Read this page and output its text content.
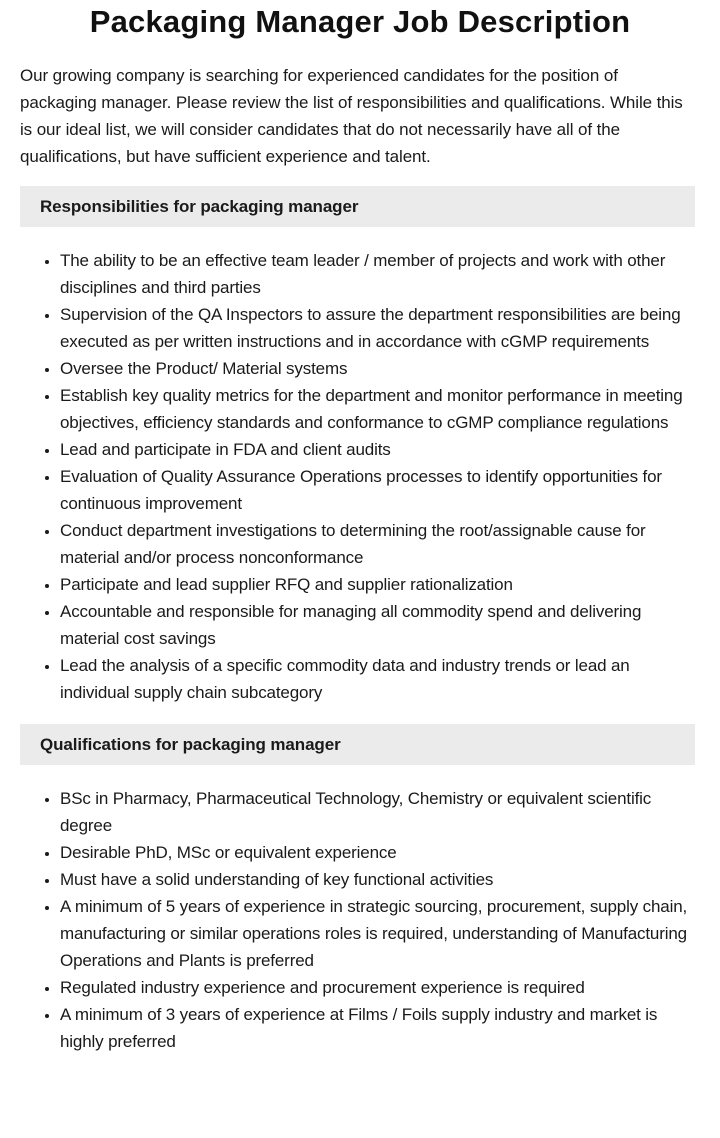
Packaging Manager Job Description

Our growing company is searching for experienced candidates for the position of packaging manager. Please review the list of responsibilities and qualifications. While this is our ideal list, we will consider candidates that do not necessarily have all of the qualifications, but have sufficient experience and talent.

Responsibilities for packaging manager
• The ability to be an effective team leader / member of projects and work with other disciplines and third parties
• Supervision of the QA Inspectors to assure the department responsibilities are being executed as per written instructions and in accordance with cGMP requirements
• Oversee the Product/ Material systems
• Establish key quality metrics for the department and monitor performance in meeting objectives, efficiency standards and conformance to cGMP compliance regulations
• Lead and participate in FDA and client audits
• Evaluation of Quality Assurance Operations processes to identify opportunities for continuous improvement
• Conduct department investigations to determining the root/assignable cause for material and/or process nonconformance
• Participate and lead supplier RFQ and supplier rationalization
• Accountable and responsible for managing all commodity spend and delivering material cost savings
• Lead the analysis of a specific commodity data and industry trends or lead an individual supply chain subcategory
Qualifications for packaging manager
• BSc in Pharmacy, Pharmaceutical Technology, Chemistry or equivalent scientific degree
• Desirable PhD, MSc or equivalent experience
• Must have a solid understanding of key functional activities
• A minimum of 5 years of experience in strategic sourcing, procurement, supply chain, manufacturing or similar operations roles is required, understanding of Manufacturing Operations and Plants is preferred
• Regulated industry experience and procurement experience is required
• A minimum of 3 years of experience at Films / Foils supply industry and market is highly preferred
